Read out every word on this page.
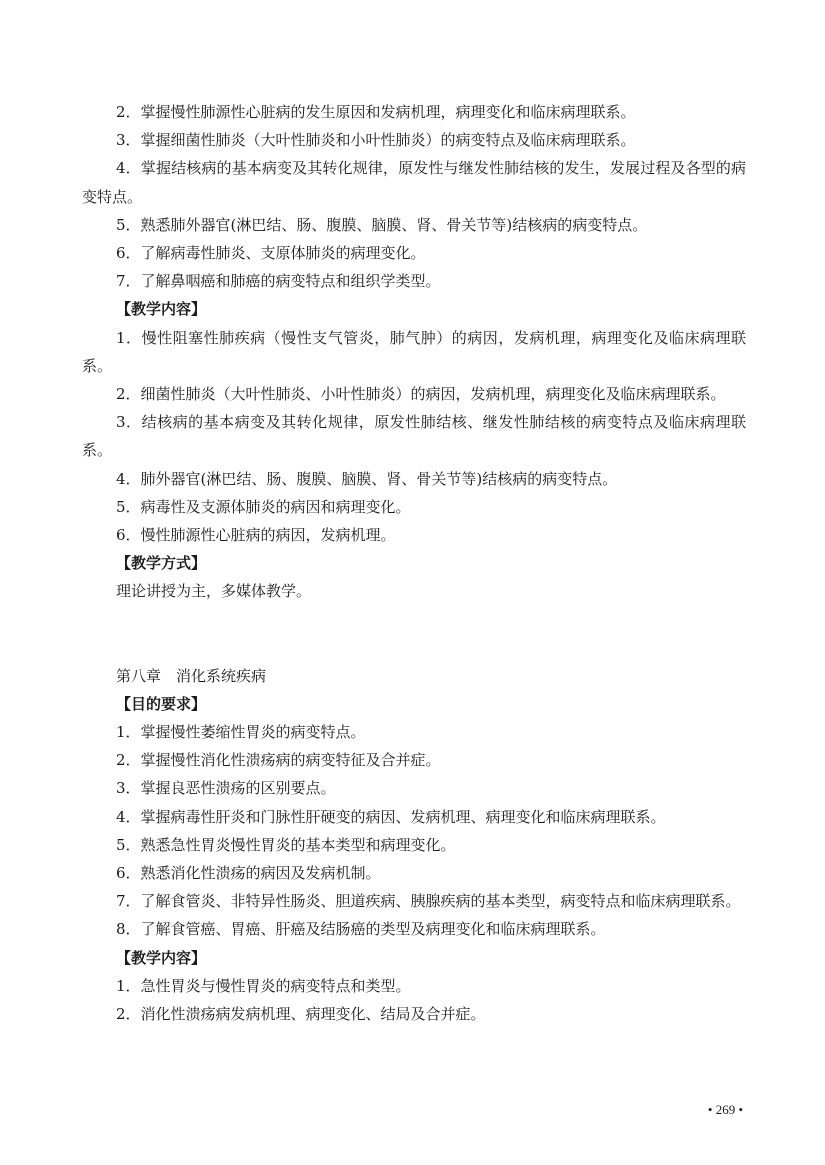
2．掌握慢性肺源性心脏病的发生原因和发病机理，病理变化和临床病理联系。

3．掌握细菌性肺炎（大叶性肺炎和小叶性肺炎）的病变特点及临床病理联系。

4．掌握结核病的基本病变及其转化规律，原发性与继发性肺结核的发生，发展过程及各型的病变特点。

5．熟悉肺外器官(淋巴结、肠、腹膜、脑膜、肾、骨关节等)结核病的病变特点。

6．了解病毒性肺炎、支原体肺炎的病理变化。

7．了解鼻咽癌和肺癌的病变特点和组织学类型。

【教学内容】

1．慢性阻塞性肺疾病（慢性支气管炎，肺气肿）的病因，发病机理，病理变化及临床病理联系。

2．细菌性肺炎（大叶性肺炎、小叶性肺炎）的病因，发病机理，病理变化及临床病理联系。

3．结核病的基本病变及其转化规律，原发性肺结核、继发性肺结核的病变特点及临床病理联系。

4．肺外器官(淋巴结、肠、腹膜、脑膜、肾、骨关节等)结核病的病变特点。

5．病毒性及支源体肺炎的病因和病理变化。

6．慢性肺源性心脏病的病因，发病机理。

【教学方式】

理论讲授为主，多媒体教学。

第八章　消化系统疾病

【目的要求】

1．掌握慢性萎缩性胃炎的病变特点。

2．掌握慢性消化性溃疡病的病变特征及合并症。

3．掌握良恶性溃疡的区别要点。

4．掌握病毒性肝炎和门脉性肝硬变的病因、发病机理、病理变化和临床病理联系。

5．熟悉急性胃炎慢性胃炎的基本类型和病理变化。

6．熟悉消化性溃疡的病因及发病机制。

7．了解食管炎、非特异性肠炎、胆道疾病、胰腺疾病的基本类型，病变特点和临床病理联系。

8．了解食管癌、胃癌、肝癌及结肠癌的类型及病理变化和临床病理联系。

【教学内容】

1．急性胃炎与慢性胃炎的病变特点和类型。

2．消化性溃疡病发病机理、病理变化、结局及合并症。

• 269 •
